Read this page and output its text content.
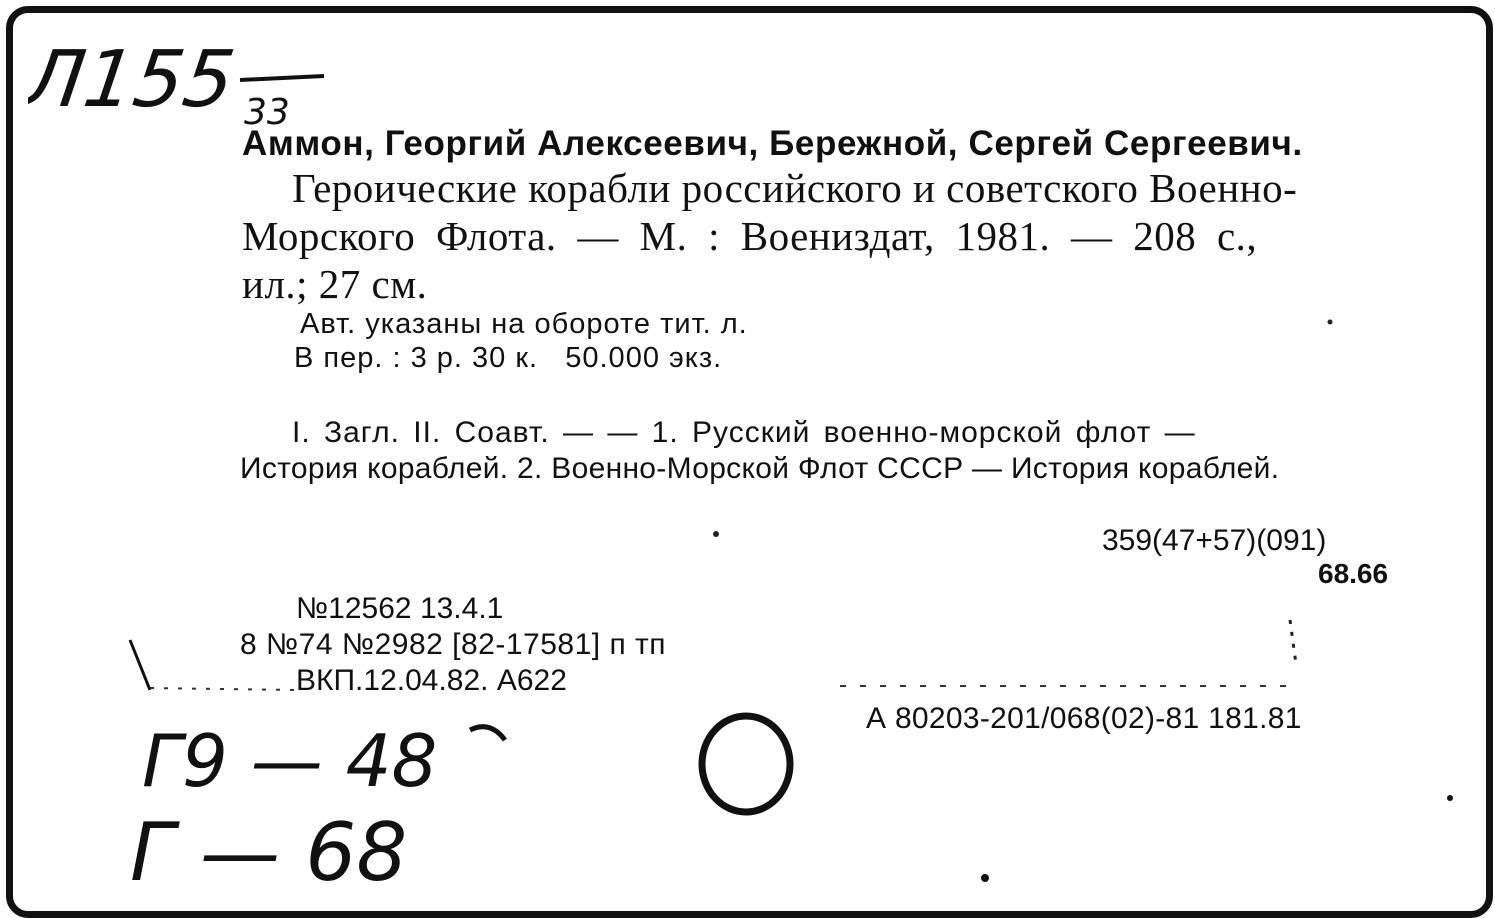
Л155 33
Аммон, Георгий Алексеевич, Бережной, Сергей Сергеевич.
Героические корабли российского и советского Военно-
Морского Флота. — М. : Воениздат, 1981. — 208 с.,
ил.; 27 см.
Авт. указаны на обороте тит. л.
В пер. : 3 р. 30 к.   50.000 экз.
I. Загл. II. Соавт. — — 1. Русский военно-морской флот —
История кораблей. 2. Военно-Морской Флот СССР — История кораблей.
359(47+57)(091)
68.66
№12562 13.4.1
8 №74 №2982 [82-17581] п тп
ВКП.12.04.82. А622
А 80203-201/068(02)-81 181.81
Г9 — 48
Г — 68
